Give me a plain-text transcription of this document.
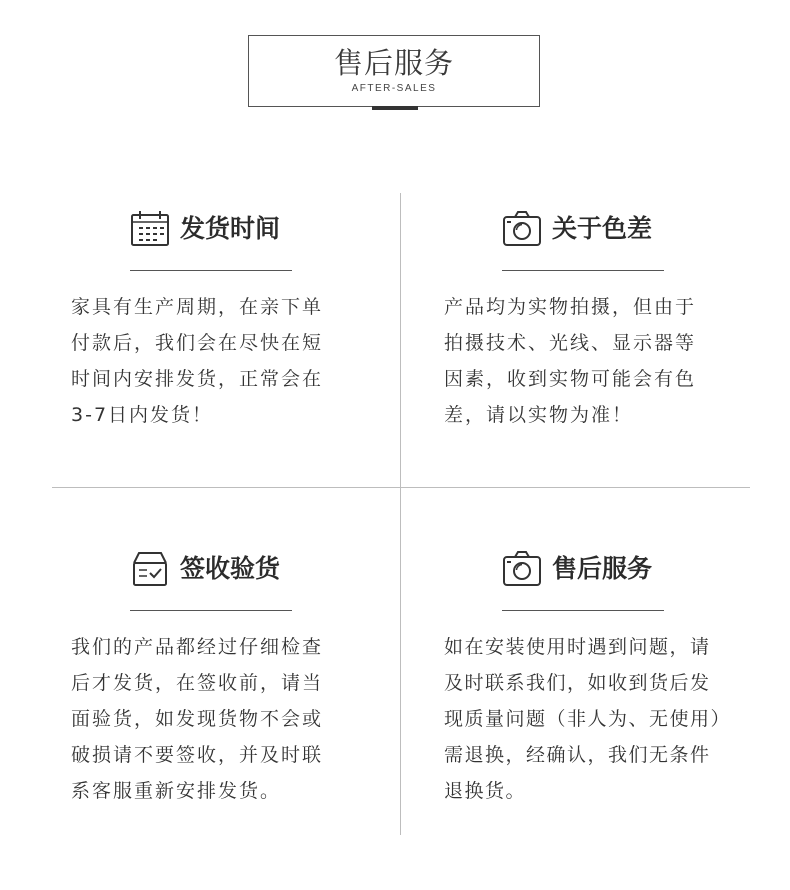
售后服务
AFTER-SALES
发货时间
家具有生产周期，在亲下单
付款后，我们会在尽快在短
时间内安排发货，正常会在
3-7日内发货！
关于色差
产品均为实物拍摄，但由于
拍摄技术、光线、显示器等
因素，收到实物可能会有色
差，请以实物为准！
签收验货
我们的产品都经过仔细检查
后才发货，在签收前，请当
面验货，如发现货物不会或
破损请不要签收，并及时联
系客服重新安排发货。
售后服务
如在安装使用时遇到问题，请
及时联系我们，如收到货后发
现质量问题（非人为、无使用）
需退换，经确认，我们无条件
退换货。
